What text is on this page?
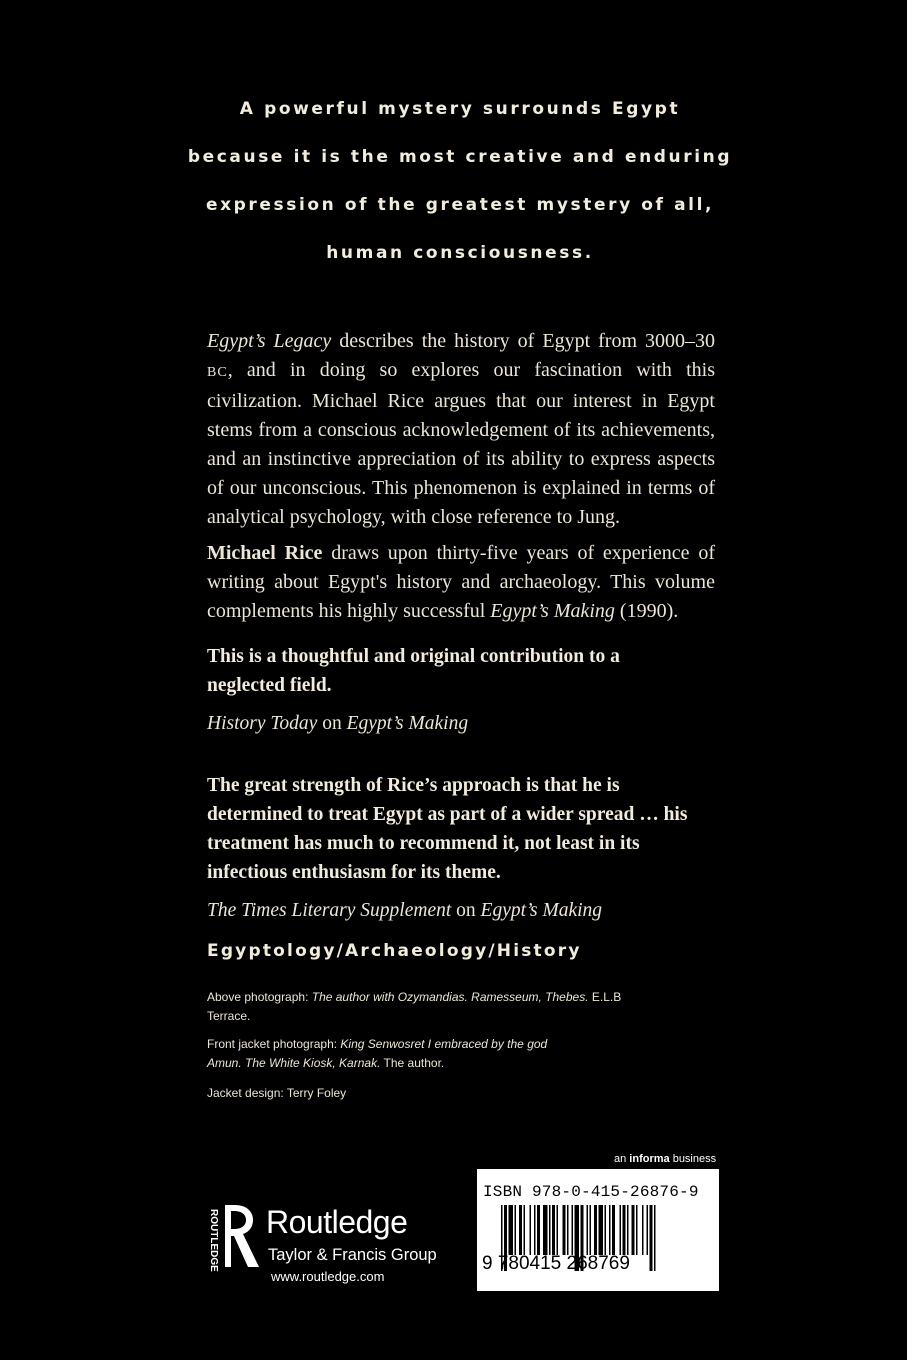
A powerful mystery surrounds Egypt
because it is the most creative and enduring
expression of the greatest mystery of all,
human consciousness.

Egypt’s Legacy describes the history of Egypt from 3000–30 BC, and in doing so explores our fascination with this civilization. Michael Rice argues that our interest in Egypt stems from a conscious acknowledgement of its achievements, and an instinctive appreciation of its ability to express aspects of our unconscious. This phenomenon is explained in terms of analytical psychology, with close reference to Jung.

Michael Rice draws upon thirty-five years of experience of writing about Egypt's history and archaeology. This volume complements his highly successful Egypt’s Making (1990).

This is a thoughtful and original contribution to a neglected field.
History Today on Egypt’s Making
The great strength of Rice’s approach is that he is determined to treat Egypt as part of a wider spread … his treatment has much to recommend it, not least in its infectious enthusiasm for its theme.
The Times Literary Supplement on Egypt’s Making
Egyptology/Archaeology/History
Above photograph: The author with Ozymandias. Ramesseum, Thebes. E.L.B Terrace.
Front jacket photograph: King Senwosret I embraced by the god Amun. The White Kiosk, Karnak. The author.
Jacket design: Terry Foley
an informa business
ROUTLEDGE Routledge
Taylor & Francis Group
www.routledge.com
ISBN 978-0-415-26876-9
9 780415 268769
